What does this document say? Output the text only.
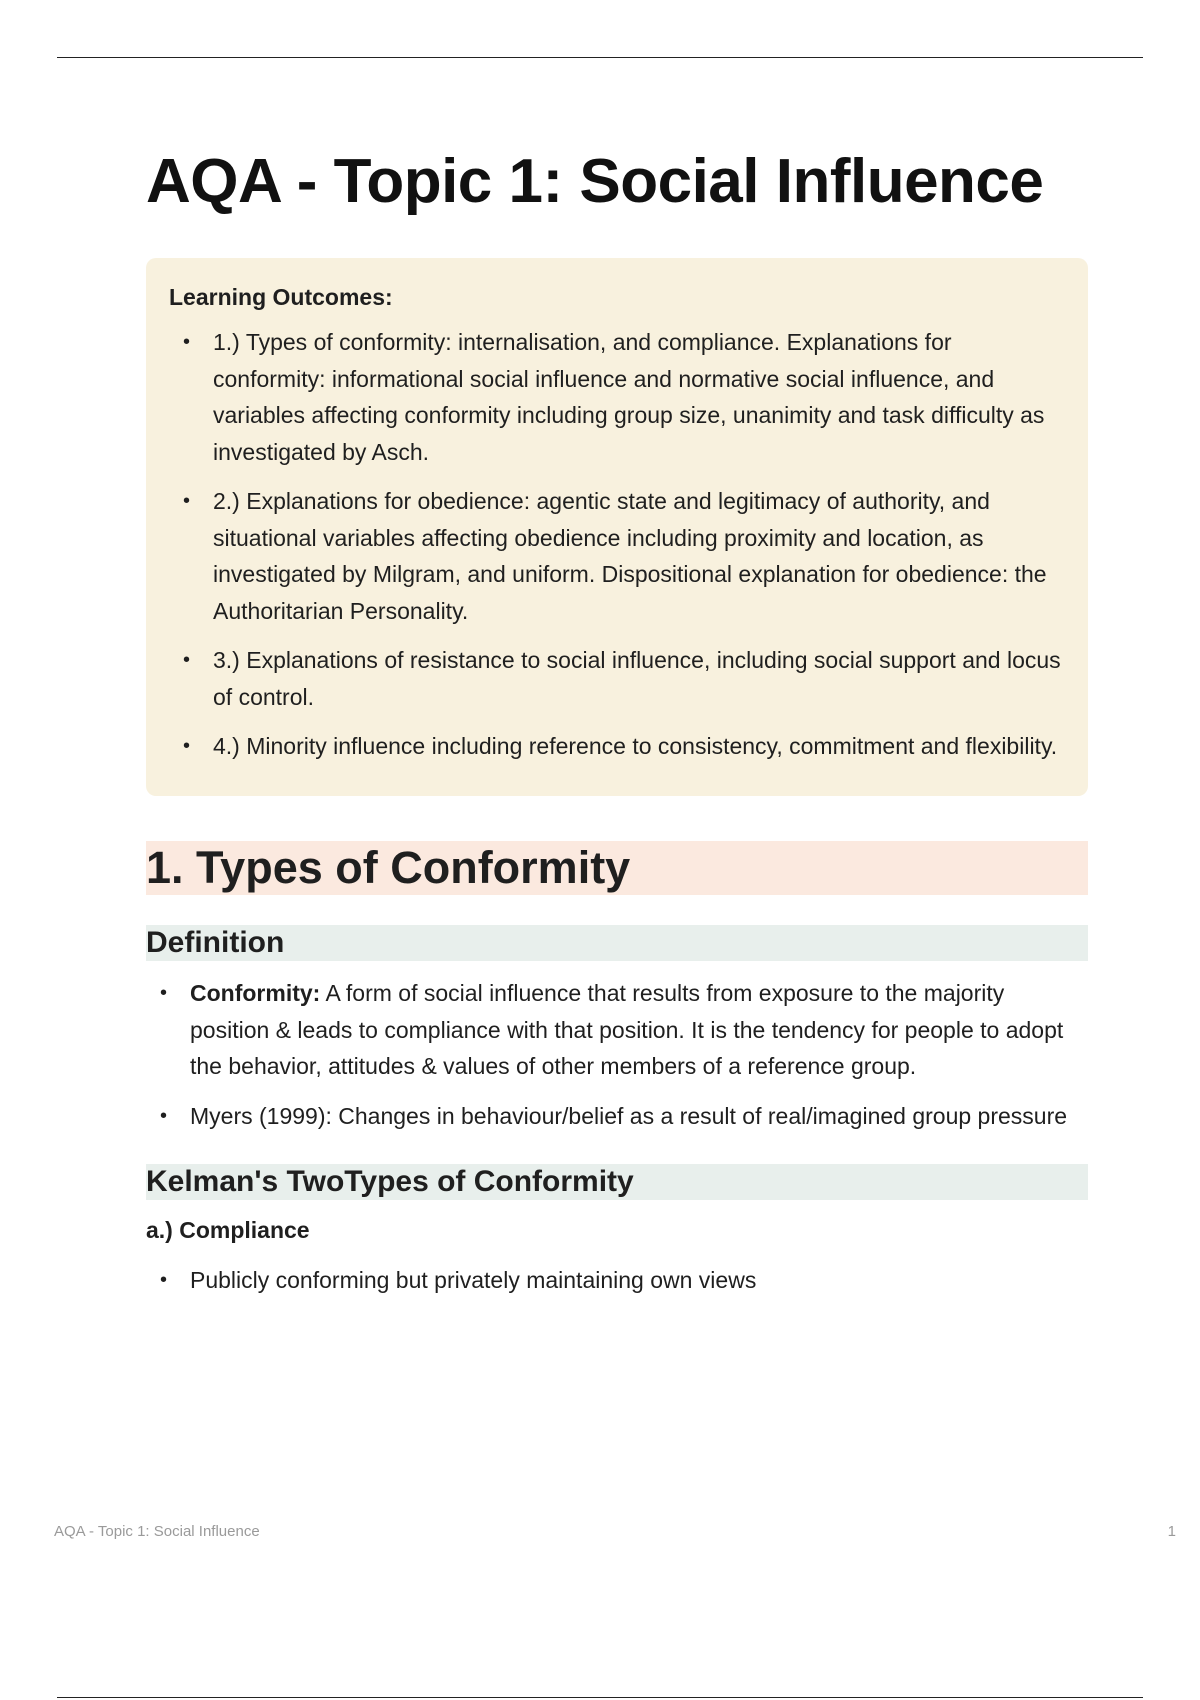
AQA - Topic 1: Social Influence
Learning Outcomes:
• 1.) Types of conformity: internalisation, and compliance. Explanations for conformity: informational social influence and normative social influence, and variables affecting conformity including group size, unanimity and task difficulty as investigated by Asch.
• 2.) Explanations for obedience: agentic state and legitimacy of authority, and situational variables affecting obedience including proximity and location, as investigated by Milgram, and uniform. Dispositional explanation for obedience: the Authoritarian Personality.
• 3.) Explanations of resistance to social influence, including social support and locus of control.
• 4.) Minority influence including reference to consistency, commitment and flexibility.
1. Types of Conformity
Definition
• Conformity: A form of social influence that results from exposure to the majority position & leads to compliance with that position. It is the tendency for people to adopt the behavior, attitudes & values of other members of a reference group.
• Myers (1999): Changes in behaviour/belief as a result of real/imagined group pressure
Kelman's TwoTypes of Conformity
a.) Compliance
• Publicly conforming but privately maintaining own views
AQA - Topic 1: Social Influence	1
